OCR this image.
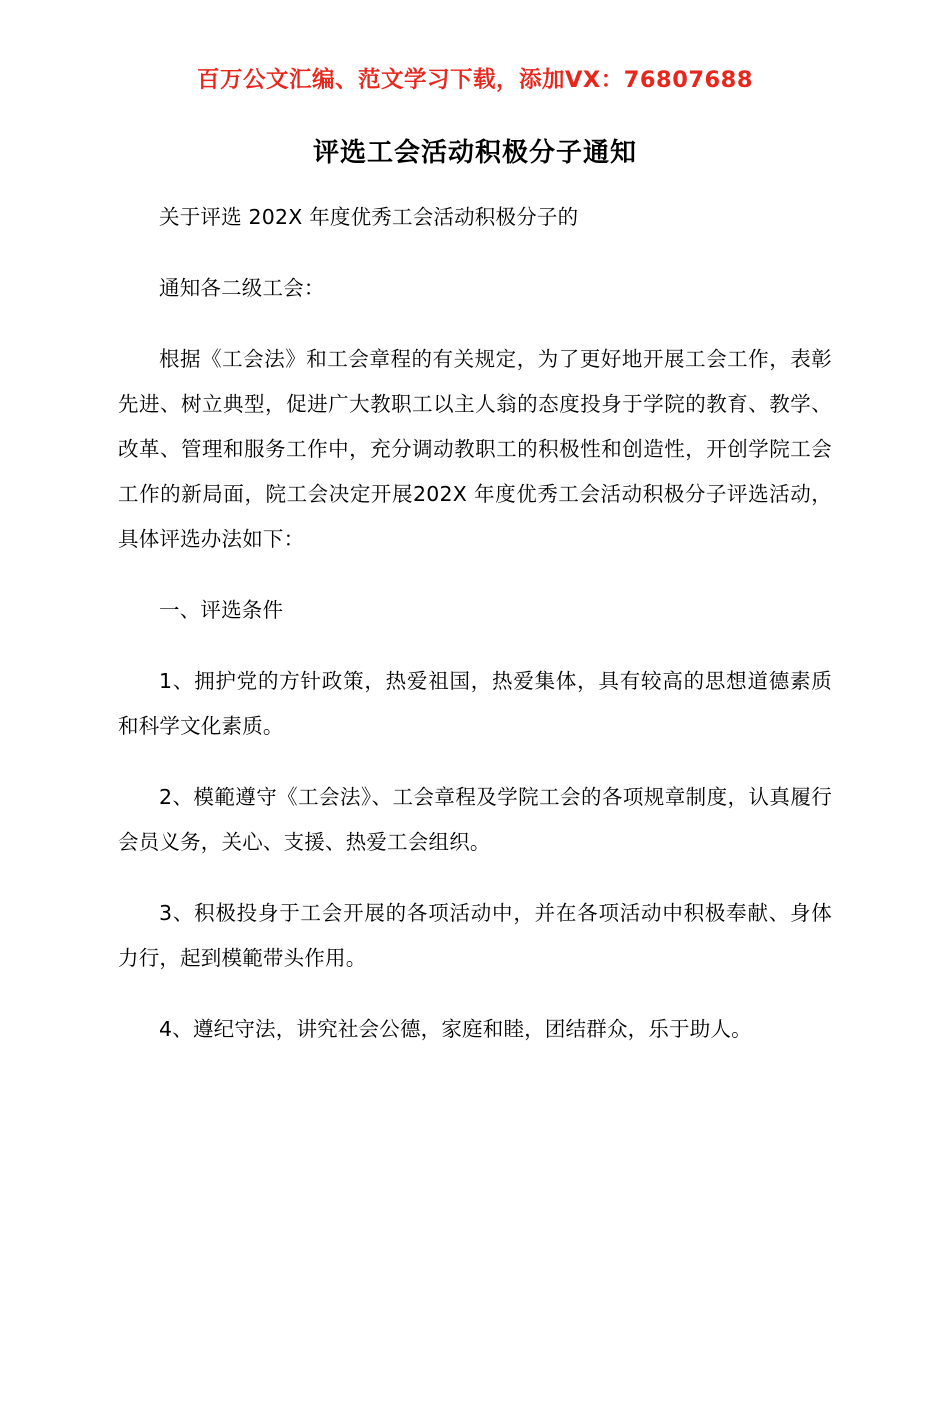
百万公文汇编、范文学习下载，添加VX：76807688
评选工会活动积极分子通知

关于评选 202X 年度优秀工会活动积极分子的

通知各二级工会：

根据《工会法》和工会章程的有关规定，为了更好地开展工会工作，表彰先进、树立典型，促进广大教职工以主人翁的态度投身于学院的教育、教学、改革、管理和服务工作中，充分调动教职工的积极性和创造性，开创学院工会工作的新局面，院工会决定开展202X 年度优秀工会活动积极分子评选活动，具体评选办法如下：

一、评选条件

1、拥护党的方针政策，热爱祖国，热爱集体，具有较高的思想道德素质和科学文化素质。

2、模範遵守《工会法》、工会章程及学院工会的各项规章制度，认真履行会员义务，关心、支援、热爱工会组织。

3、积极投身于工会开展的各项活动中，并在各项活动中积极奉献、身体力行，起到模範带头作用。

4、遵纪守法，讲究社会公德，家庭和睦，团结群众，乐于助人。
